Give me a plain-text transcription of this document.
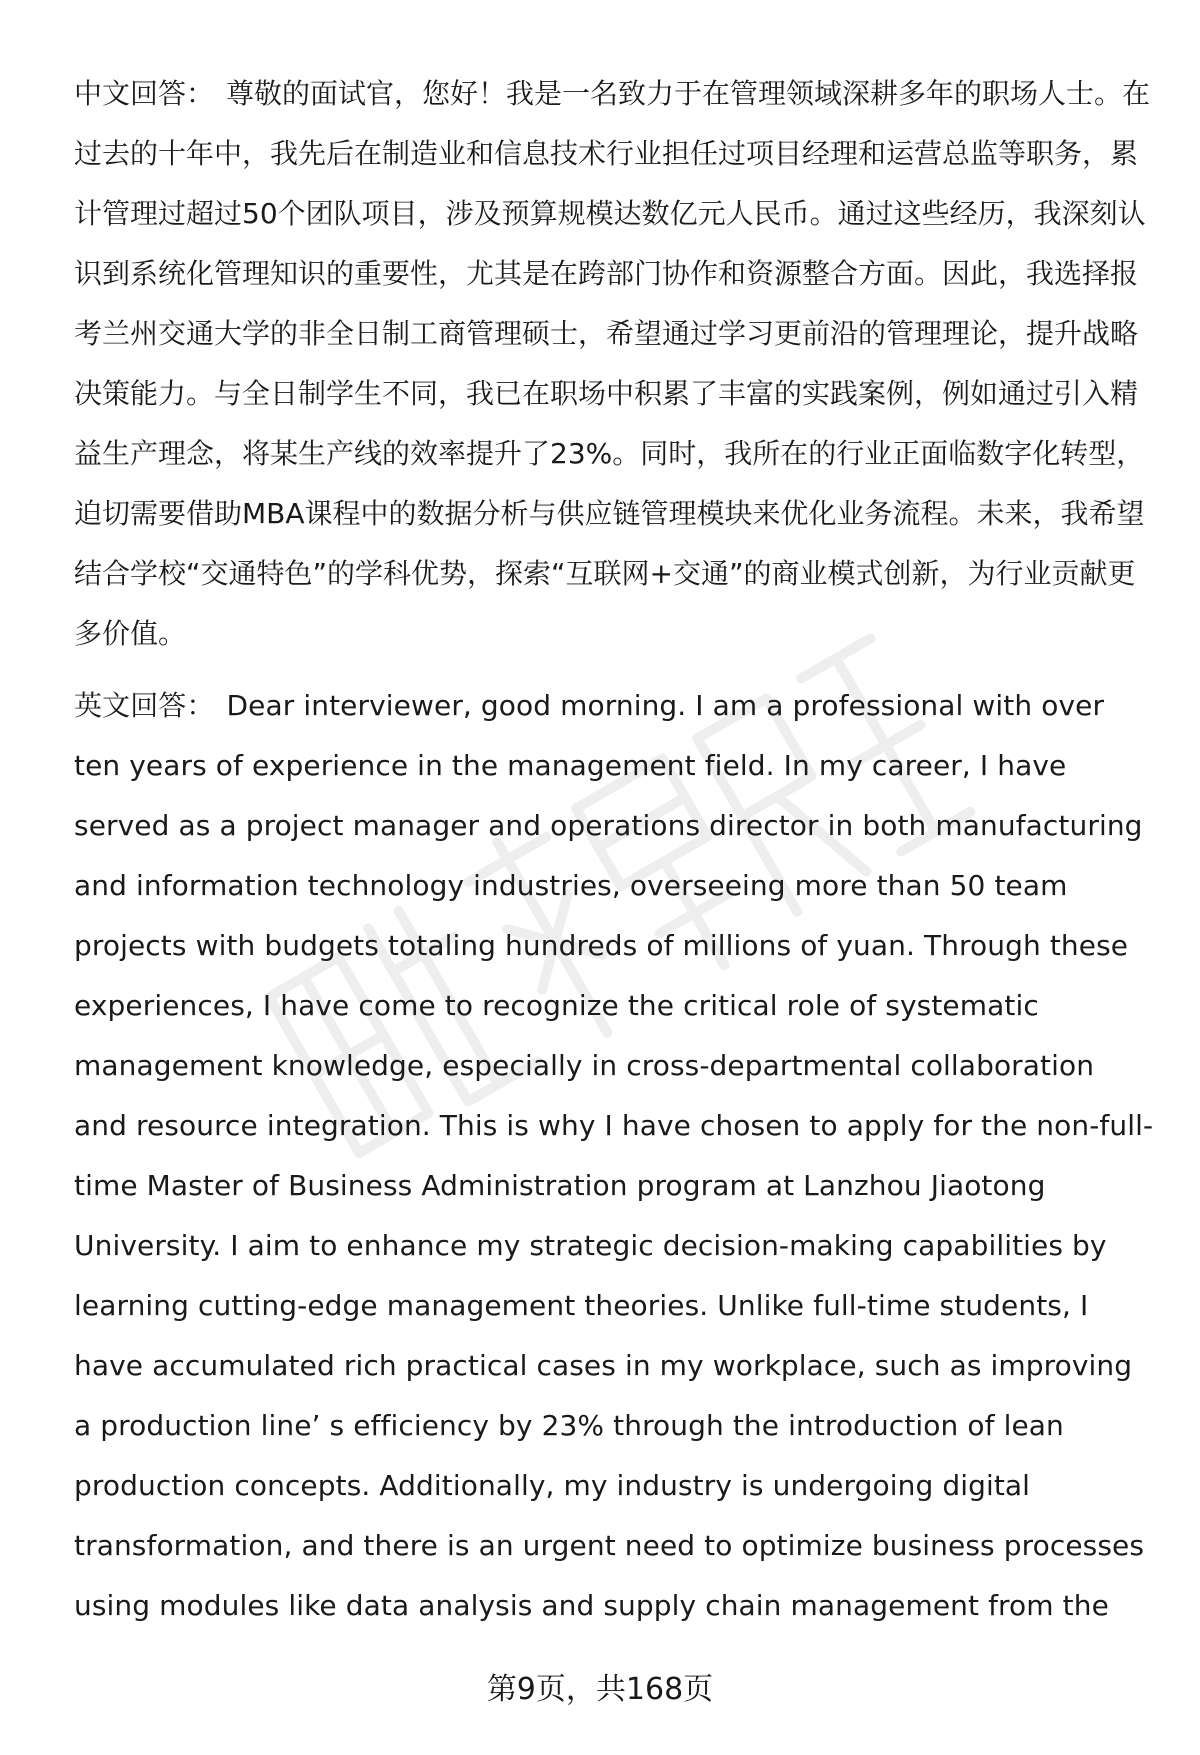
中文回答： 尊敬的面试官，您好！我是一名致力于在管理领域深耕多年的职场人士。在过去的十年中，我先后在制造业和信息技术行业担任过项目经理和运营总监等职务，累计管理过超过50个团队项目，涉及预算规模达数亿元人民币。通过这些经历，我深刻认识到系统化管理知识的重要性，尤其是在跨部门协作和资源整合方面。因此，我选择报考兰州交通大学的非全日制工商管理硕士，希望通过学习更前沿的管理理论，提升战略决策能力。与全日制学生不同，我已在职场中积累了丰富的实践案例，例如通过引入精益生产理念，将某生产线的效率提升了23%。同时，我所在的行业正面临数字化转型，迫切需要借助MBA课程中的数据分析与供应链管理模块来优化业务流程。未来，我希望结合学校“交通特色”的学科优势，探索“互联网+交通”的商业模式创新，为行业贡献更多价值。

英文回答： Dear interviewer, good morning. I am a professional with over ten years of experience in the management field. In my career, I have served as a project manager and operations director in both manufacturing and information technology industries, overseeing more than 50 team projects with budgets totaling hundreds of millions of yuan. Through these experiences, I have come to recognize the critical role of systematic management knowledge, especially in cross-departmental collaboration and resource integration. This is why I have chosen to apply for the non-full-time Master of Business Administration program at Lanzhou Jiaotong University. I aim to enhance my strategic decision-making capabilities by learning cutting-edge management theories. Unlike full-time students, I have accumulated rich practical cases in my workplace, such as improving a production line’ s efficiency by 23% through the introduction of lean production concepts. Additionally, my industry is undergoing digital transformation, and there is an urgent need to optimize business processes using modules like data analysis and supply chain management from the

第9页，共168页
